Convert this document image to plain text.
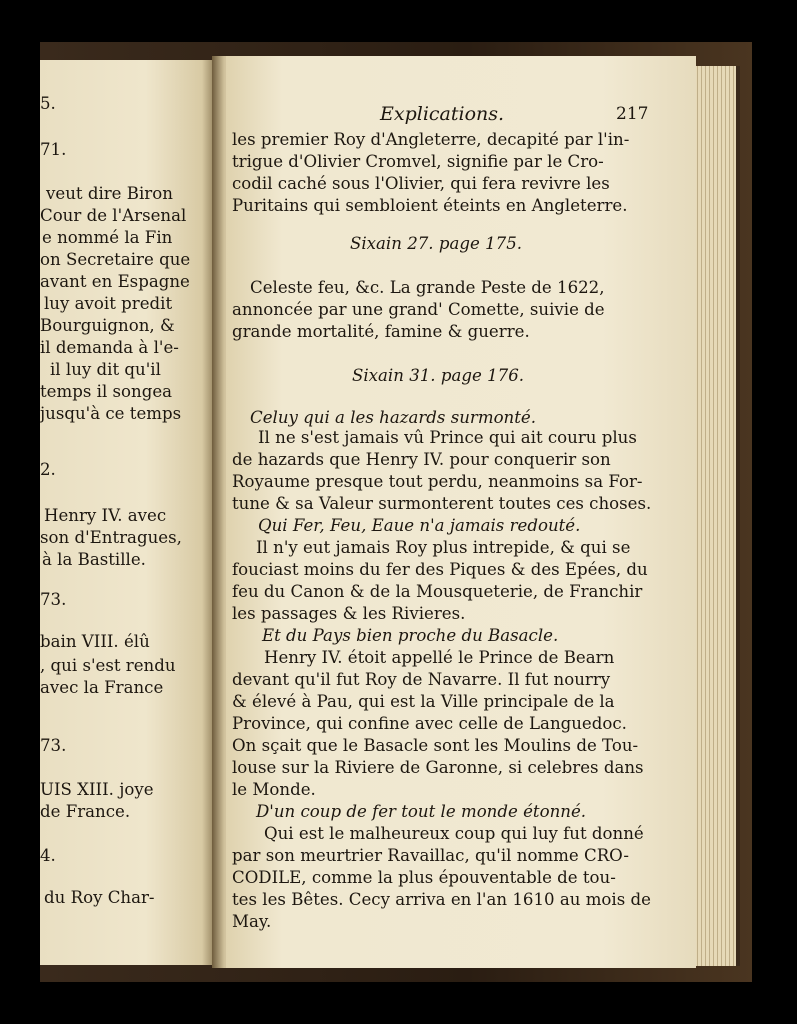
5.
71.
veut dire Biron
Cour de l'Arsenal
e nommé la Fin
on Secretaire que
avant en Espagne
luy avoit predit
Bourguignon, &
il demanda à l'e-
il luy dit qu'il
temps il songea
jusqu'à ce temps
2.
Henry IV. avec
son d'Entragues,
à la Bastille.
73.
bain VIII. élû
, qui s'est rendu
avec la France
73.
UIS XIII. joye
de France.
4.
du Roy Char-
Explications.	217
les premier Roy d'Angleterre, decapité par l'in-
trigue d'Olivier Cromvel, signifie par le Cro-
codil caché sous l'Olivier, qui fera revivre les
Puritains qui sembloient éteints en Angleterre.
Sixain 27. page 175.
Celeste feu, &c. La grande Peste de 1622,
annoncée par une grand' Comette, suivie de
grande mortalité, famine & guerre.
Sixain 31. page 176.
Celuy qui a les hazards surmonté.
Il ne s'est jamais vû Prince qui ait couru plus
de hazards que Henry IV. pour conquerir son
Royaume presque tout perdu, neanmoins sa For-
tune & sa Valeur surmonterent toutes ces choses.
Qui Fer, Feu, Eaue n'a jamais redouté.
Il n'y eut jamais Roy plus intrepide, & qui se
fouciast moins du fer des Piques & des Epées, du
feu du Canon & de la Mousqueterie, de Franchir
les passages & les Rivieres.
Et du Pays bien proche du Basacle.
Henry IV. étoit appellé le Prince de Bearn
devant qu'il fut Roy de Navarre. Il fut nourry
& élevé à Pau, qui est la Ville principale de la
Province, qui confine avec celle de Languedoc.
On sçait que le Basacle sont les Moulins de Tou-
louse sur la Riviere de Garonne, si celebres dans
le Monde.
D'un coup de fer tout le monde étonné.
Qui est le malheureux coup qui luy fut donné
par son meurtrier Ravaillac, qu'il nomme CRO-
CODILE, comme la plus épouventable de tou-
tes les Bêtes. Cecy arriva en l'an 1610 au mois de
May.
